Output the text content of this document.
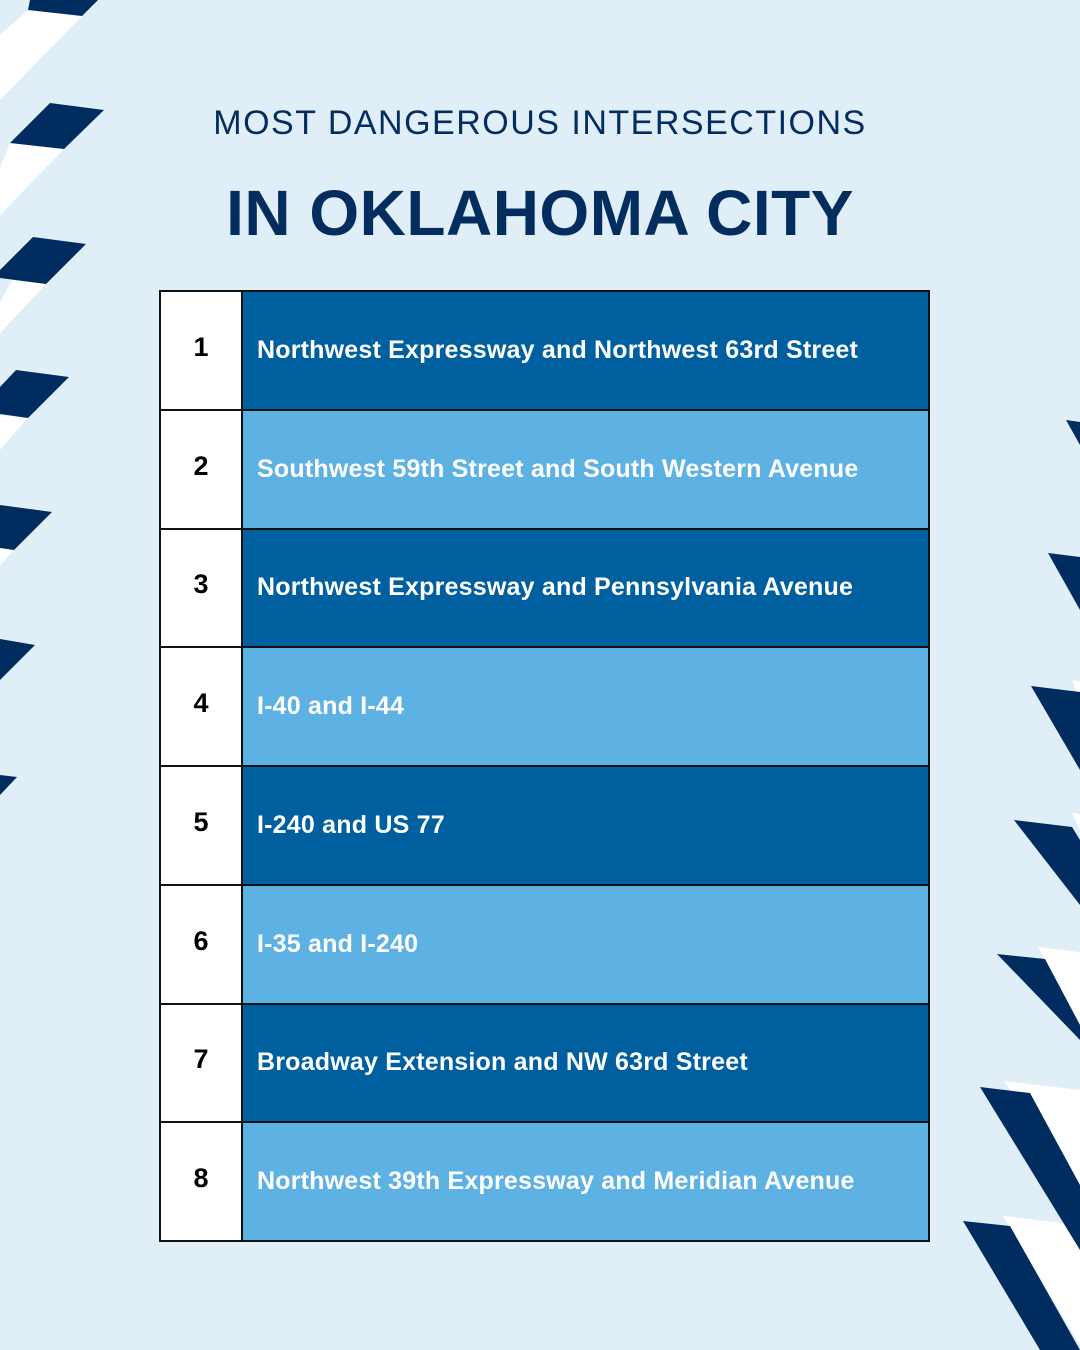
MOST DANGEROUS INTERSECTIONS
IN OKLAHOMA CITY
1	Northwest Expressway and Northwest 63rd Street
2	Southwest 59th Street and South Western Avenue
3	Northwest Expressway and Pennsylvania Avenue
4	I-40 and I-44
5	I-240 and US 77
6	I-35 and I-240
7	Broadway Extension and NW 63rd Street
8	Northwest 39th Expressway and Meridian Avenue
